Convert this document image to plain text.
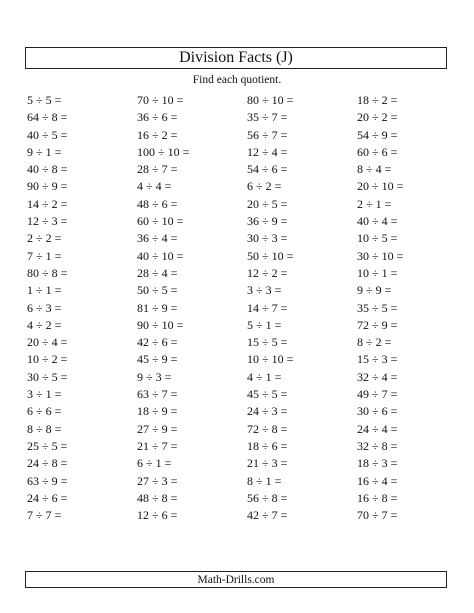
Division Facts (J)
Find each quotient.
5 ÷ 5 =
64 ÷ 8 =
40 ÷ 5 =
9 ÷ 1 =
40 ÷ 8 =
90 ÷ 9 =
14 ÷ 2 =
12 ÷ 3 =
2 ÷ 2 =
7 ÷ 1 =
80 ÷ 8 =
1 ÷ 1 =
6 ÷ 3 =
4 ÷ 2 =
20 ÷ 4 =
10 ÷ 2 =
30 ÷ 5 =
3 ÷ 1 =
6 ÷ 6 =
8 ÷ 8 =
25 ÷ 5 =
24 ÷ 8 =
63 ÷ 9 =
24 ÷ 6 =
7 ÷ 7 =
70 ÷ 10 =
36 ÷ 6 =
16 ÷ 2 =
100 ÷ 10 =
28 ÷ 7 =
4 ÷ 4 =
48 ÷ 6 =
60 ÷ 10 =
36 ÷ 4 =
40 ÷ 10 =
28 ÷ 4 =
50 ÷ 5 =
81 ÷ 9 =
90 ÷ 10 =
42 ÷ 6 =
45 ÷ 9 =
9 ÷ 3 =
63 ÷ 7 =
18 ÷ 9 =
27 ÷ 9 =
21 ÷ 7 =
6 ÷ 1 =
27 ÷ 3 =
48 ÷ 8 =
12 ÷ 6 =
80 ÷ 10 =
35 ÷ 7 =
56 ÷ 7 =
12 ÷ 4 =
54 ÷ 6 =
6 ÷ 2 =
20 ÷ 5 =
36 ÷ 9 =
30 ÷ 3 =
50 ÷ 10 =
12 ÷ 2 =
3 ÷ 3 =
14 ÷ 7 =
5 ÷ 1 =
15 ÷ 5 =
10 ÷ 10 =
4 ÷ 1 =
45 ÷ 5 =
24 ÷ 3 =
72 ÷ 8 =
18 ÷ 6 =
21 ÷ 3 =
8 ÷ 1 =
56 ÷ 8 =
42 ÷ 7 =
18 ÷ 2 =
20 ÷ 2 =
54 ÷ 9 =
60 ÷ 6 =
8 ÷ 4 =
20 ÷ 10 =
2 ÷ 1 =
40 ÷ 4 =
10 ÷ 5 =
30 ÷ 10 =
10 ÷ 1 =
9 ÷ 9 =
35 ÷ 5 =
72 ÷ 9 =
8 ÷ 2 =
15 ÷ 3 =
32 ÷ 4 =
49 ÷ 7 =
30 ÷ 6 =
24 ÷ 4 =
32 ÷ 8 =
18 ÷ 3 =
16 ÷ 4 =
16 ÷ 8 =
70 ÷ 7 =
Math-Drills.com
